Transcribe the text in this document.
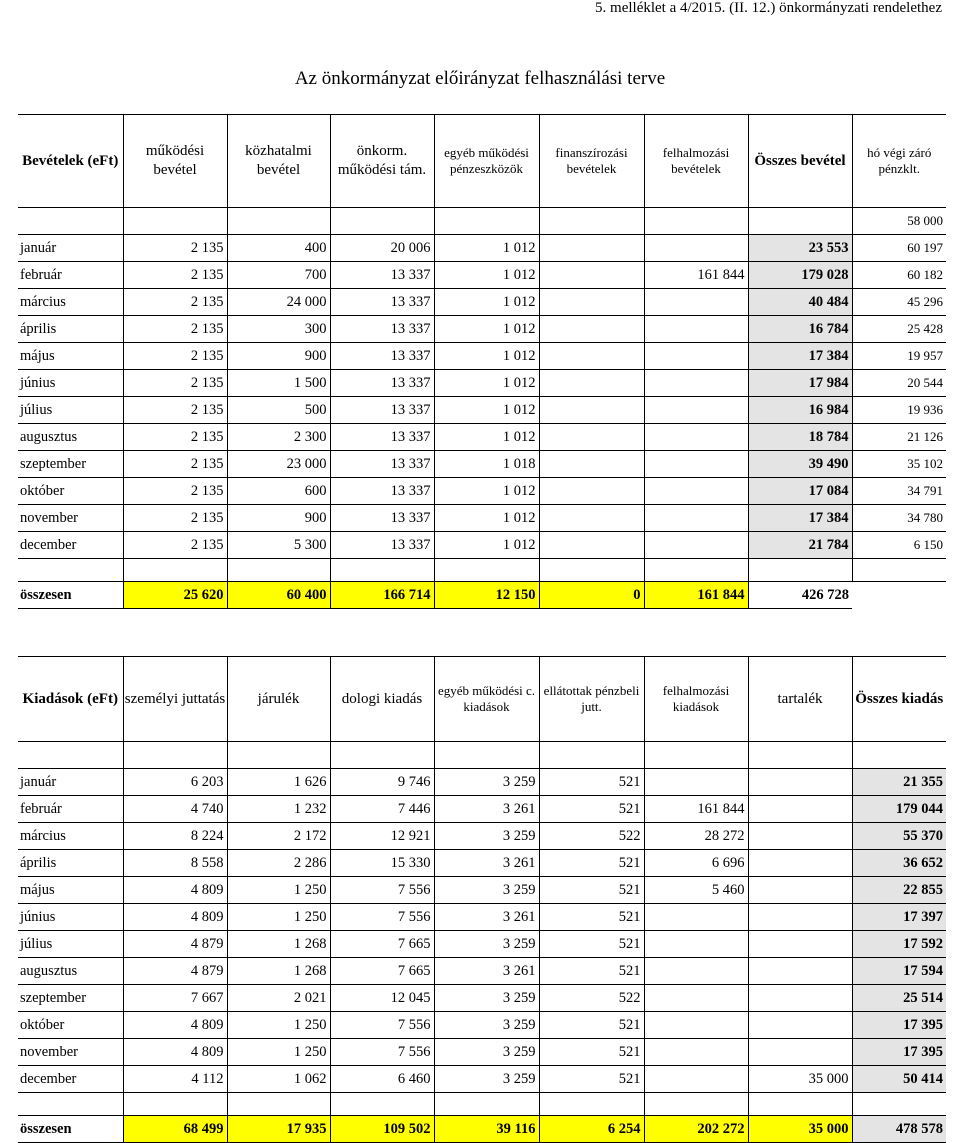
5. melléklet a 4/2015. (II. 12.) önkormányzati rendelethez
Az önkormányzat előirányzat felhasználási terve
Bevételek (eFt)	működési bevétel	közhatalmi bevétel	önkorm. működési tám.	egyéb működési pénzeszközök	finanszírozási bevételek	felhalmozási bevételek	Összes bevétel	hó végi záró pénzklt.
								58 000
január	2 135	400	20 006	1 012			23 553	60 197
február	2 135	700	13 337	1 012		161 844	179 028	60 182
március	2 135	24 000	13 337	1 012			40 484	45 296
április	2 135	300	13 337	1 012			16 784	25 428
május	2 135	900	13 337	1 012			17 384	19 957
június	2 135	1 500	13 337	1 012			17 984	20 544
július	2 135	500	13 337	1 012			16 984	19 936
augusztus	2 135	2 300	13 337	1 012			18 784	21 126
szeptember	2 135	23 000	13 337	1 018			39 490	35 102
október	2 135	600	13 337	1 012			17 084	34 791
november	2 135	900	13 337	1 012			17 384	34 780
december	2 135	5 300	13 337	1 012			21 784	6 150

összesen	25 620	60 400	166 714	12 150	0	161 844	426 728	
Kiadások (eFt)	személyi juttatás	járulék	dologi kiadás	egyéb működési c. kiadások	ellátottak pénzbeli jutt.	felhalmozási kiadások	tartalék	Összes kiadás

január	6 203	1 626	9 746	3 259	521			21 355
február	4 740	1 232	7 446	3 261	521	161 844		179 044
március	8 224	2 172	12 921	3 259	522	28 272		55 370
április	8 558	2 286	15 330	3 261	521	6 696		36 652
május	4 809	1 250	7 556	3 259	521	5 460		22 855
június	4 809	1 250	7 556	3 261	521			17 397
július	4 879	1 268	7 665	3 259	521			17 592
augusztus	4 879	1 268	7 665	3 261	521			17 594
szeptember	7 667	2 021	12 045	3 259	522			25 514
október	4 809	1 250	7 556	3 259	521			17 395
november	4 809	1 250	7 556	3 259	521			17 395
december	4 112	1 062	6 460	3 259	521		35 000	50 414

összesen	68 499	17 935	109 502	39 116	6 254	202 272	35 000	478 578
